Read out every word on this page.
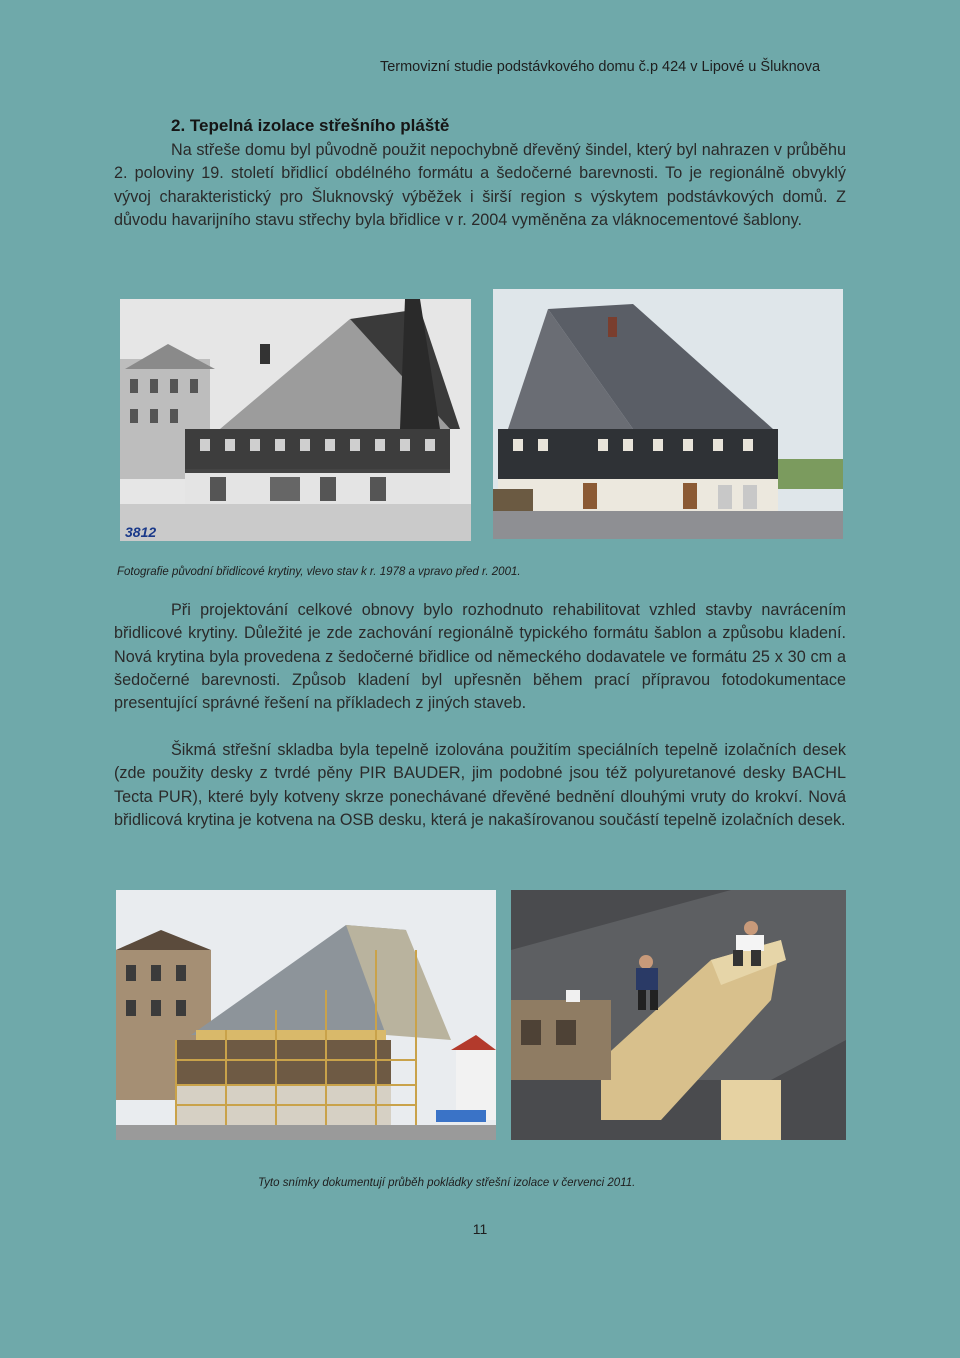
Termovizní studie podstávkového domu č.p 424 v Lipové u Šluknova
2. Tepelná izolace střešního pláště

Na střeše domu byl původně použit nepochybně dřevěný šindel, který byl nahrazen v průběhu 2. poloviny 19. století břidlicí obdélného formátu a šedočerné barevnosti. To je regionálně obvyklý vývoj charakteristický pro Šluknovský výběžek i širší region s výskytem podstávkových domů. Z důvodu havarijního stavu střechy byla břidlice v r. 2004 vyměněna za vláknocementové šablony.

3812
Fotografie původní břidlicové krytiny, vlevo stav k r. 1978 a vpravo před r. 2001.

Při projektování celkové obnovy bylo rozhodnuto rehabilitovat vzhled stavby navrácením břidlicové krytiny. Důležité je zde zachování regionálně typického formátu šablon a způsobu kladení. Nová krytina byla provedena z šedočerné břidlice od německého dodavatele ve formátu 25 x 30 cm a šedočerné barevnosti. Způsob kladení byl upřesněn během prací přípravou fotodokumentace presentující správné řešení na příkladech z jiných staveb.

Šikmá střešní skladba byla tepelně izolována použitím speciálních tepelně izolačních desek (zde použity desky z tvrdé pěny PIR BAUDER, jim podobné jsou též polyuretanové desky BACHL Tecta PUR), které byly kotveny skrze ponechávané dřevěné bednění dlouhými vruty do krokví. Nová břidlicová krytina je kotvena na OSB desku, která je nakašírovanou součástí tepelně izolačních desek.

Tyto snímky dokumentují průběh pokládky střešní izolace v červenci 2011.
11
